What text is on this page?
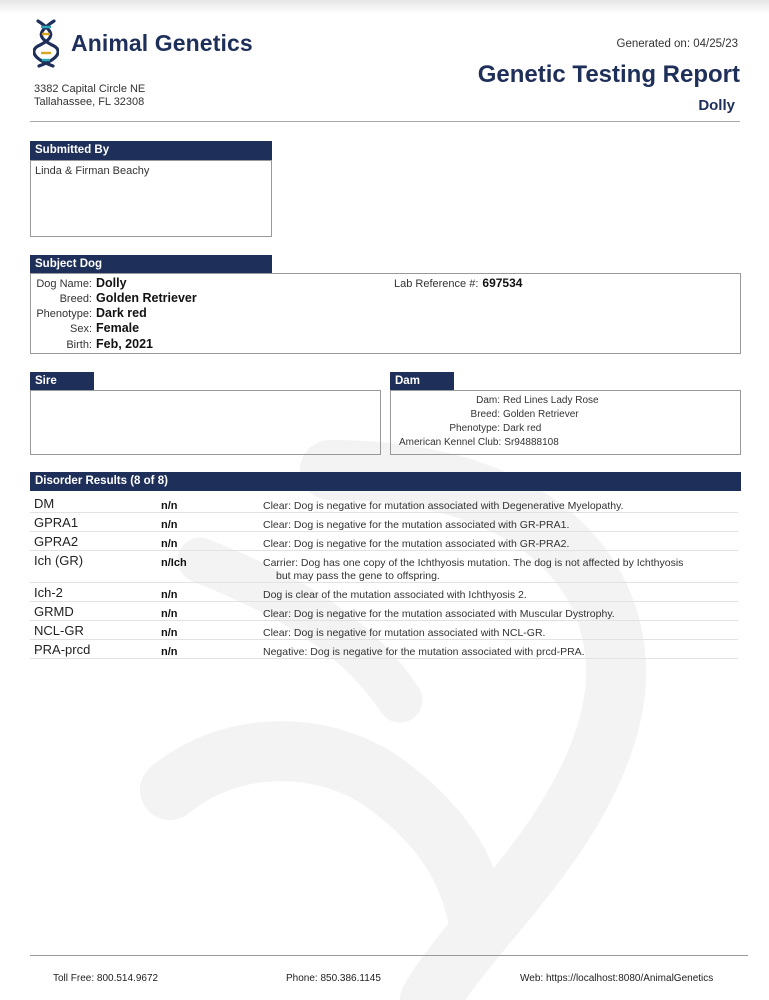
Animal Genetics	Generated on: 04/25/23
3382 Capital Circle NE
Tallahassee, FL 32308
Genetic Testing Report
Dolly
Submitted By
Linda & Firman Beachy
Subject Dog
Dog Name: Dolly
Breed: Golden Retriever
Phenotype: Dark red
Sex: Female
Birth: Feb, 2021
Lab Reference #: 697534
Sire	Dam
Dam: Red Lines Lady Rose
Breed: Golden Retriever
Phenotype: Dark red
American Kennel Club: Sr94888108
Disorder Results (8 of 8)
DM	n/n	Clear: Dog is negative for mutation associated with Degenerative Myelopathy.
GPRA1	n/n	Clear: Dog is negative for the mutation associated with GR-PRA1.
GPRA2	n/n	Clear: Dog is negative for the mutation associated with GR-PRA2.
Ich (GR)	n/Ich	Carrier: Dog has one copy of the Ichthyosis mutation. The dog is not affected by Ichthyosis
but may pass the gene to offspring.
Ich-2	n/n	Dog is clear of the mutation associated with Ichthyosis 2.
GRMD	n/n	Clear: Dog is negative for the mutation associated with Muscular Dystrophy.
NCL-GR	n/n	Clear: Dog is negative for mutation associated with NCL-GR.
PRA-prcd	n/n	Negative: Dog is negative for the mutation associated with prcd-PRA.
Toll Free: 800.514.9672	Phone: 850.386.1145	Web: https://localhost:8080/AnimalGenetics
